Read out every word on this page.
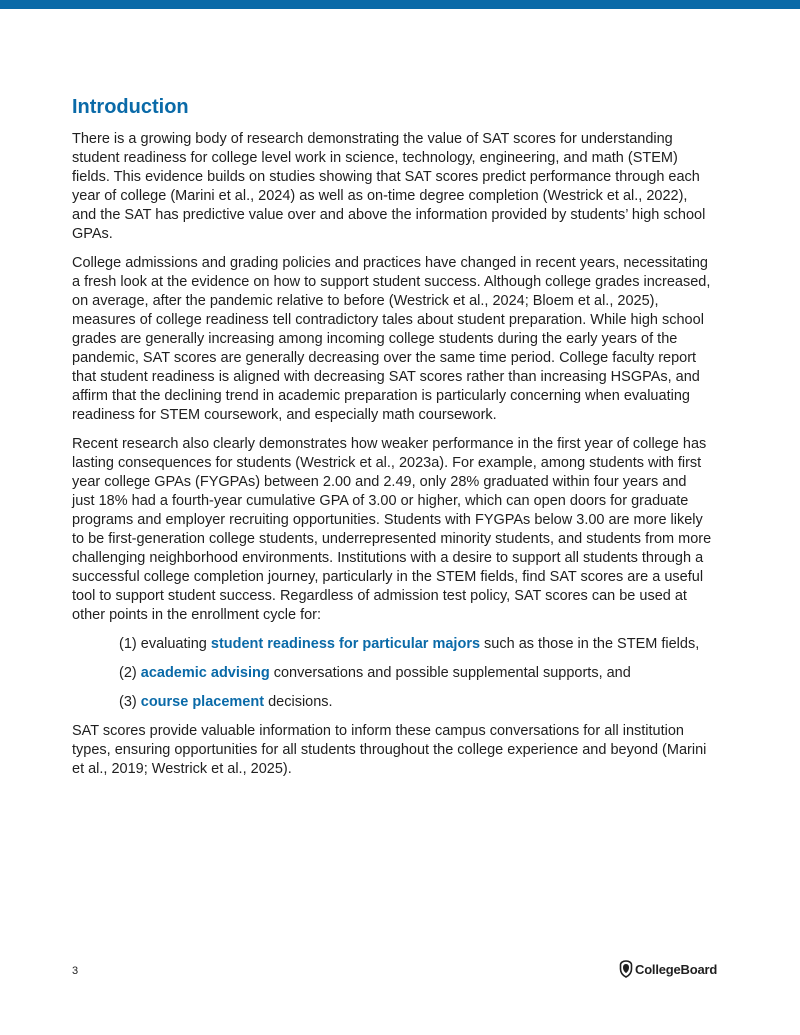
Introduction

There is a growing body of research demonstrating the value of SAT scores for understanding student readiness for college level work in science, technology, engineering, and math (STEM) fields. This evidence builds on studies showing that SAT scores predict performance through each year of college (Marini et al., 2024) as well as on-time degree completion (Westrick et al., 2022), and the SAT has predictive value over and above the information provided by students’ high school GPAs.

College admissions and grading policies and practices have changed in recent years, necessitating a fresh look at the evidence on how to support student success. Although college grades increased, on average, after the pandemic relative to before (Westrick et al., 2024; Bloem et al., 2025), measures of college readiness tell contradictory tales about student preparation. While high school grades are generally increasing among incoming college students during the early years of the pandemic, SAT scores are generally decreasing over the same time period. College faculty report that student readiness is aligned with decreasing SAT scores rather than increasing HSGPAs, and affirm that the declining trend in academic preparation is particularly concerning when evaluating readiness for STEM coursework, and especially math coursework.

Recent research also clearly demonstrates how weaker performance in the first year of college has lasting consequences for students (Westrick et al., 2023a). For example, among students with first year college GPAs (FYGPAs) between 2.00 and 2.49, only 28% graduated within four years and just 18% had a fourth-year cumulative GPA of 3.00 or higher, which can open doors for graduate programs and employer recruiting opportunities. Students with FYGPAs below 3.00 are more likely to be first-generation college students, underrepresented minority students, and students from more challenging neighborhood environments. Institutions with a desire to support all students through a successful college completion journey, particularly in the STEM fields, find SAT scores are a useful tool to support student success. Regardless of admission test policy, SAT scores can be used at other points in the enrollment cycle for:

(1) evaluating student readiness for particular majors such as those in the STEM fields,

(2) academic advising conversations and possible supplemental supports, and

(3) course placement decisions.

SAT scores provide valuable information to inform these campus conversations for all institution types, ensuring opportunities for all students throughout the college experience and beyond (Marini et al., 2019; Westrick et al., 2025).

3	CollegeBoard
